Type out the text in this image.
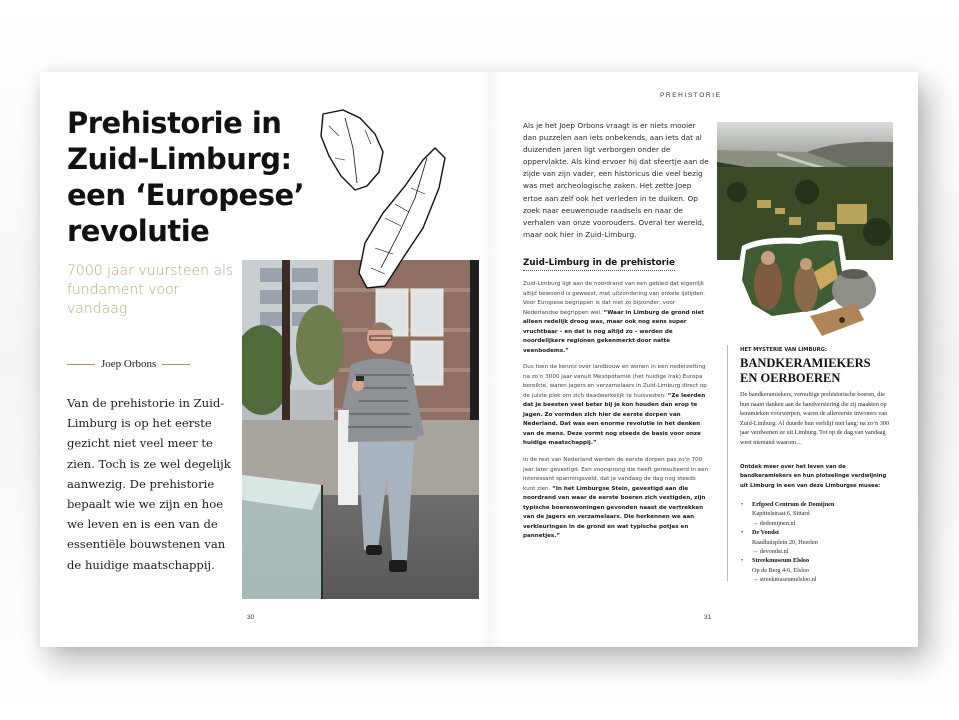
Prehistorie in Zuid-Limburg: een ‘Europese’ revolutie

7000 jaar vuursteen als fundament voor vandaag

Joep Orbons

Van de prehistorie in Zuid-Limburg is op het eerste gezicht niet veel meer te zien. Toch is ze wel degelijk aanwezig. De prehistorie bepaalt wie we zijn en hoe we leven en is een van de essentiële bouwstenen van de huidige maatschappij.

30
PREHISTORIE

Als je het Joep Orbons vraagt is er niets mooier dan puzzelen aan iets onbekends, aan iets dat al duizenden jaren ligt verborgen onder de oppervlakte. Als kind ervoer hij dat sfeertje aan de zijde van zijn vader, een historicus die veel bezig was met archeologische zaken. Het zette Joep ertoe aan zelf ook het verleden in te duiken. Op zoek naar eeuwenoude raadsels en naar de verhalen van onze voorouders. Overal ter wereld, maar ook hier in Zuid-Limburg.

Zuid-Limburg in de prehistorie

Zuid-Limburg ligt aan de noordrand van een gebied dat eigenlijk altijd bewoond is geweest, met uitzondering van enkele ijstijden. Voor Europese begrippen is dat niet zo bijzonder, voor Nederlandse begrippen wel. “Waar in Limburg de grond niet alleen redelijk droog was, maar ook nog eens super vruchtbaar – en dat is nog altijd zo – werden de noordelijkere regionen gekenmerkt door natte veenbodems.”

Dus toen de kennis over landbouw en wonen in een nederzetting na zo’n 3000 jaar vanuit Mesopotamië (het huidige Irak) Europa bereikte, waren jagers en verzamelaars in Zuid-Limburg direct op de juiste plek om zich daadwerkelijk te huisvesten. “Ze leerden dat je beesten veel beter bij je kon houden dan erop te jagen. Zo vormden zich hier de eerste dorpen van Nederland. Dat was een enorme revolutie in het denken van de mens. Deze vormt nog steeds de basis voor onze huidige maatschappij.”

In de rest van Nederland werden de eerste dorpen pas zo’n 700 jaar later gevestigd. Een voorsprong die heeft geresulteerd in een interessant spanningsveld, dat je vandaag de dag nog steeds kunt zien. “In het Limburgse Stein, gevestigd aan die noordrand van waar de eerste boeren zich vestigden, zijn typische boerenwoningen gevonden naast de vertrekken van de jagers en verzamelaars. Die herkennen we aan verkleuringen in de grond en wat typische potjes en pannetjes.”

HET MYSTERIE VAN LIMBURG:
BANDKERAMIEKERS EN OERBOEREN

De bandkeramiekers, vernuftige prehistorische boeren, die hun naam danken aan de handversiering die zij maakten op keramieken voorwerpen, waren de allereerste inwoners van Zuid-Limburg. Al duurde hun verblijf niet lang: na zo’n 300 jaar verdwenen ze uit Limburg. Tot op de dag van vandaag weet niemand waarom…

Ontdek meer over het leven van de bandkeramiekers en hun plotselinge verdwijning uit Limburg in een van deze Limburgse musea:

• Erfgoed Centrum de Domijnen
Kapittelstraat 6, Sittard
→ dedomijnen.nl
• De Vondst
Raadhuisplein 20, Heerlen
→ devondst.nl
• Streekmuseum Elsloo
Op de Berg 4-6, Elsloo
→ streekmuseumelsloo.nl
31
